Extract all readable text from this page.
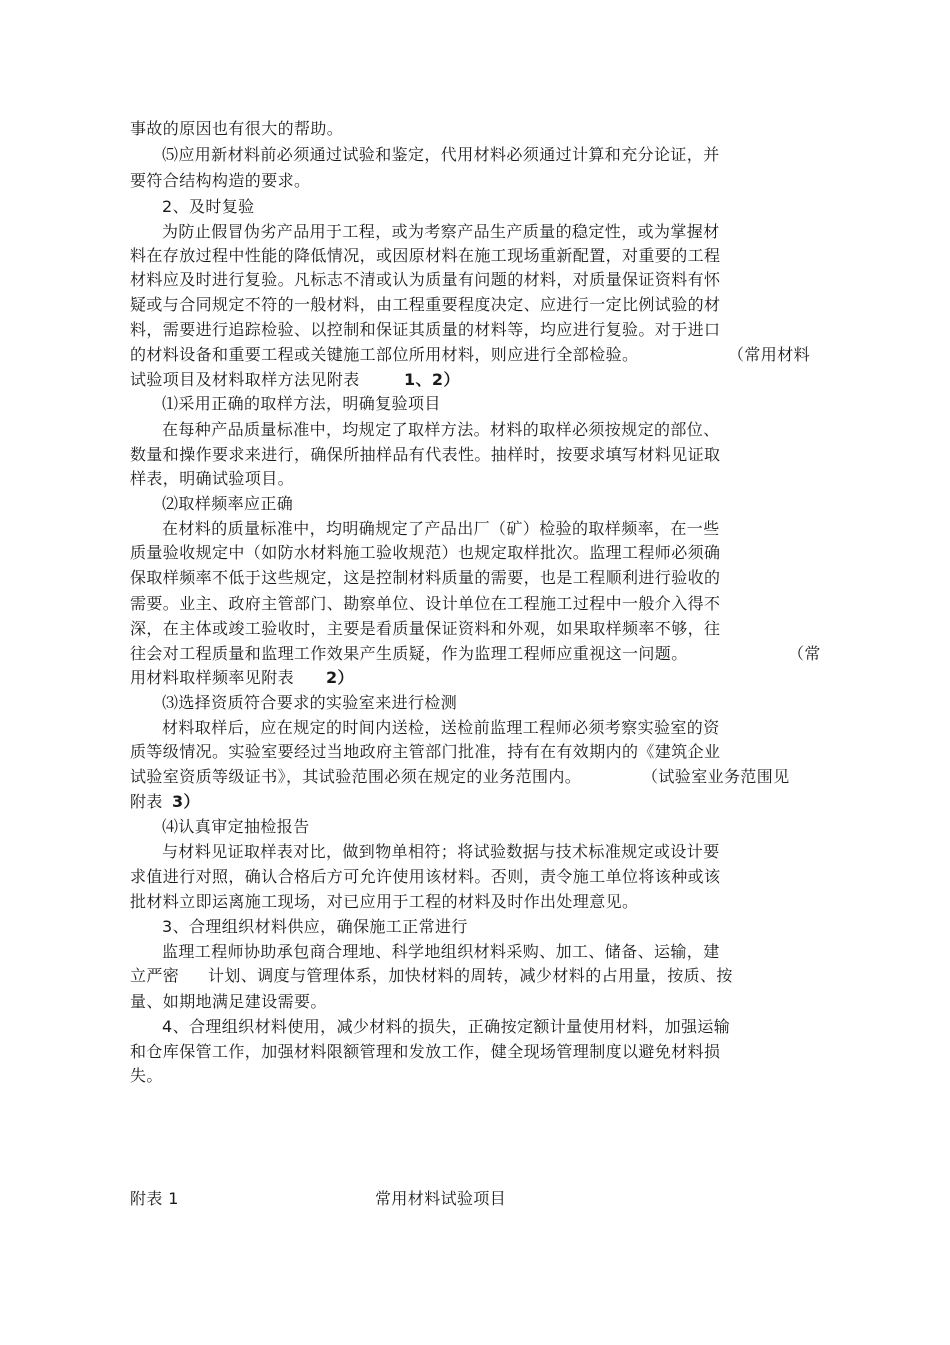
事故的原因也有很大的帮助。
⑸应用新材料前必须通过试验和鉴定，代用材料必须通过计算和充分论证，并
要符合结构构造的要求。
2、及时复验
为防止假冒伪劣产品用于工程，或为考察产品生产质量的稳定性，或为掌握材
料在存放过程中性能的降低情况，或因原材料在施工现场重新配置，对重要的工程
材料应及时进行复验。凡标志不清或认为质量有问题的材料，对质量保证资料有怀
疑或与合同规定不符的一般材料，由工程重要程度决定、应进行一定比例试验的材
料，需要进行追踪检验、以控制和保证其质量的材料等，均应进行复验。对于进口
的材料设备和重要工程或关键施工部位所用材料，则应进行全部检验。	（常用材料
试验项目及材料取样方法见附表	1、2）
⑴采用正确的取样方法，明确复验项目
在每种产品质量标准中，均规定了取样方法。材料的取样必须按规定的部位、
数量和操作要求来进行，确保所抽样品有代表性。抽样时，按要求填写材料见证取
样表，明确试验项目。
⑵取样频率应正确
在材料的质量标准中，均明确规定了产品出厂（矿）检验的取样频率，在一些
质量验收规定中（如防水材料施工验收规范）也规定取样批次。监理工程师必须确
保取样频率不低于这些规定，这是控制材料质量的需要，也是工程顺利进行验收的
需要。业主、政府主管部门、勘察单位、设计单位在工程施工过程中一般介入得不
深，在主体或竣工验收时，主要是看质量保证资料和外观，如果取样频率不够，往
往会对工程质量和监理工作效果产生质疑，作为监理工程师应重视这一问题。	（常
用材料取样频率见附表 2）
⑶选择资质符合要求的实验室来进行检测
材料取样后，应在规定的时间内送检，送检前监理工程师必须考察实验室的资
质等级情况。实验室要经过当地政府主管部门批准，持有在有效期内的《建筑企业
试验室资质等级证书》，其试验范围必须在规定的业务范围内。	（试验室业务范围见
附表 3）
⑷认真审定抽检报告
与材料见证取样表对比，做到物单相符；将试验数据与技术标准规定或设计要
求值进行对照，确认合格后方可允许使用该材料。否则，责令施工单位将该种或该
批材料立即运离施工现场，对已应用于工程的材料及时作出处理意见。
3、合理组织材料供应，确保施工正常进行
监理工程师协助承包商合理地、科学地组织材料采购、加工、储备、运输，建
立严密 计划、调度与管理体系，加快材料的周转，减少材料的占用量，按质、按
量、如期地满足建设需要。
4、合理组织材料使用，减少材料的损失，正确按定额计量使用材料，加强运输
和仓库保管工作，加强材料限额管理和发放工作，健全现场管理制度以避免材料损
失。
附表 1	常用材料试验项目
